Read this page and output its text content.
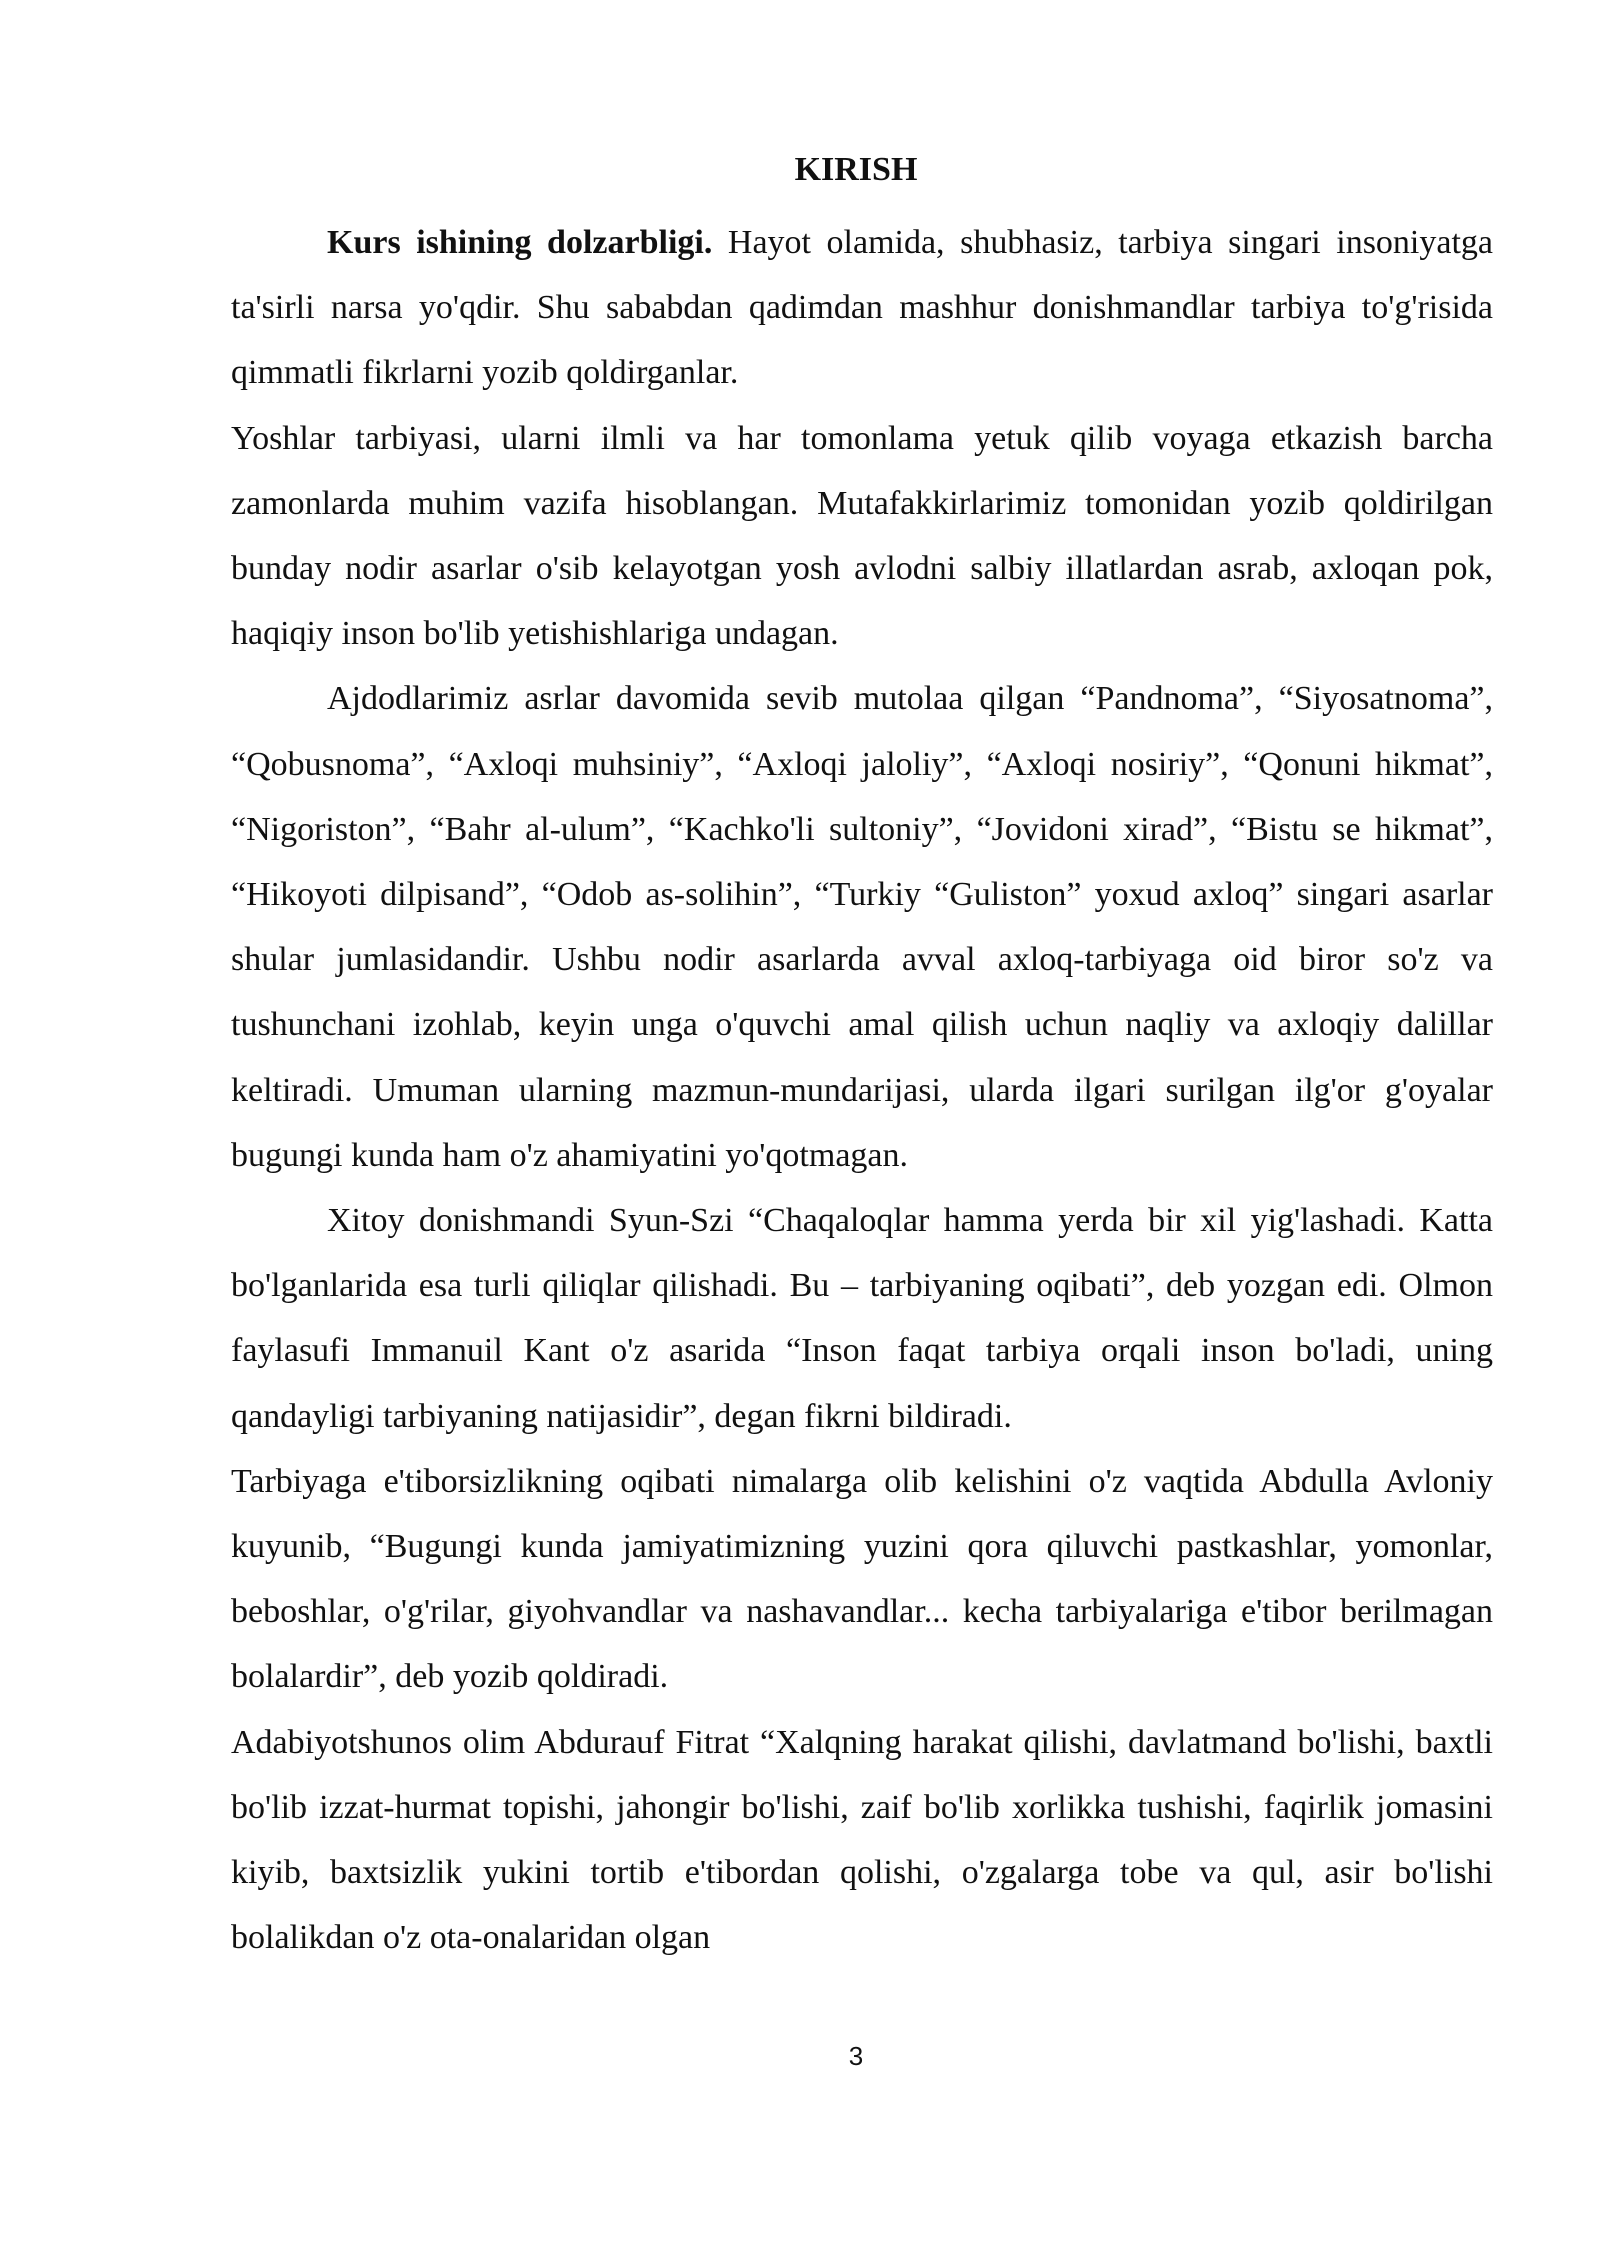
KIRISH

Kurs ishining dolzarbligi. Hayot olamida, shubhasiz, tarbiya singari insoniyatga ta'sirli narsa yo'qdir. Shu sababdan qadimdan mashhur donishmandlar tarbiya to'g'risida qimmatli fikrlarni yozib qoldirganlar.

Yoshlar tarbiyasi, ularni ilmli va har tomonlama yetuk qilib voyaga etkazish barcha zamonlarda muhim vazifa hisoblangan. Mutafakkirlarimiz tomonidan yozib qoldirilgan bunday nodir asarlar o'sib kelayotgan yosh avlodni salbiy illatlardan asrab, axloqan pok, haqiqiy inson bo'lib yetishishlariga undagan.

Ajdodlarimiz asrlar davomida sevib mutolaa qilgan “Pandnoma”, “Siyosatnoma”, “Qobusnoma”, “Axloqi muhsiniy”, “Axloqi jaloliy”, “Axloqi nosiriy”, “Qonuni hikmat”, “Nigoriston”, “Bahr al-ulum”, “Kachko'li sultoniy”, “Jovidoni xirad”, “Bistu se hikmat”, “Hikoyoti dilpisand”, “Odob as-solihin”, “Turkiy “Guliston” yoxud axloq” singari asarlar shular jumlasidandir. Ushbu nodir asarlarda avval axloq-tarbiyaga oid biror so'z va tushunchani izohlab, keyin unga o'quvchi amal qilish uchun naqliy va axloqiy dalillar keltiradi. Umuman ularning mazmun-mundarijasi, ularda ilgari surilgan ilg'or g'oyalar bugungi kunda ham o'z ahamiyatini yo'qotmagan.

Xitoy donishmandi Syun-Szi “Chaqaloqlar hamma yerda bir xil yig'lashadi. Katta bo'lganlarida esa turli qiliqlar qilishadi. Bu – tarbiyaning oqibati”, deb yozgan edi. Olmon faylasufi Immanuil Kant o'z asarida “Inson faqat tarbiya orqali inson bo'ladi, uning qandayligi tarbiyaning natijasidir”, degan fikrni bildiradi.

Tarbiyaga e'tiborsizlikning oqibati nimalarga olib kelishini o'z vaqtida Abdulla Avloniy kuyunib, “Bugungi kunda jamiyatimizning yuzini qora qiluvchi pastkashlar, yomonlar, beboshlar, o'g'rilar, giyohvandlar va nashavandlar... kecha tarbiyalariga e'tibor berilmagan bolalardir”, deb yozib qoldiradi.

Adabiyotshunos olim Abdurauf Fitrat “Xalqning harakat qilishi, davlatmand bo'lishi, baxtli bo'lib izzat-hurmat topishi, jahongir bo'lishi, zaif bo'lib xorlikka tushishi, faqirlik jomasini kiyib, baxtsizlik yukini tortib e'tibordan qolishi, o'zgalarga tobe va qul, asir bo'lishi bolalikdan o'z ota-onalaridan olgan

3
